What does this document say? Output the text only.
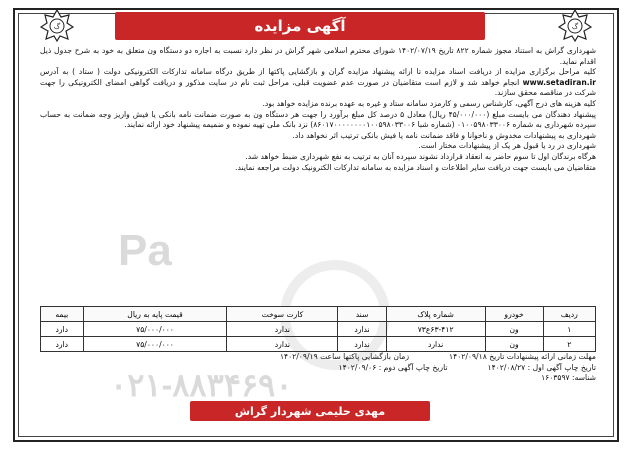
گ	گ
آگهی مزایده
Pa
۰۲۱-۸۸۳۴۶۹۰

شهرداری گراش به استناد مجوز شماره ۸۲۲ تاریخ ۱۴۰۲/۰۷/۱۹ شورای محترم اسلامی شهر گراش در نظر دارد نسبت به اجاره دو دستگاه ون متعلق به خود به شرح جدول ذیل اقدام نماید.

کلیه مراحل برگزاری مزایده از دریافت اسناد مزایده تا ارائه پیشنهاد مزایده گران و بازگشایی پاکتها از طریق درگاه سامانه تدارکات الکترونیکی دولت ( ستاد ) به آدرس www.setadiran.ir انجام خواهد شد و لازم است متقاضیان در صورت عدم عضویت قبلی، مراحل ثبت نام در سایت مذکور و دریافت گواهی امضای الکترونیکی را جهت شرکت در مناقصه محقق سازند.

کلیه هزینه های درج آگهی، کارشناس رسمی و کارمزد سامانه ستاد و غیره به عهده برنده مزایده خواهد بود.

پیشنهاد دهندگان می بایست مبلغ (۴۵/۰۰۰/۰۰۰ ریال) معادل ۵ درصد کل مبلغ برآورد را جهت هر دستگاه ون به صورت ضمانت نامه بانکی یا فیش واریز وجه ضمانت به حساب سپرده شهرداری به شماره ۰۱۰۰۵۹۸۰۳۳۰۰۶ (شماره شبا ۸۶۰۱۷۰۰۰۰۰۰۰۰۱۰۰۵۹۸۰۳۳۰۰۶) نزد بانک ملی تهیه نموده و ضمیمه پیشنهاد خود ارائه نمایند.

شهرداری به پیشنهادات مخدوش و ناخوانا و فاقد ضمانت نامه یا فیش بانکی ترتیب اثر نخواهد داد.

شهرداری در رد یا قبول هر یک از پیشنهادات مختار است.

هرگاه برندگان اول تا سوم حاضر به انعقاد قرارداد نشوند سپرده آنان به ترتیب به نفع شهرداری ضبط خواهد شد.

متقاضیان می بایست جهت دریافت سایر اطلاعات و اسناد مزایده به سامانه تدارکات الکترونیک دولت مراجعه نمایند.

ردیف	خودرو	شماره پلاک	سند	کارت سوخت	قیمت پایه به ریال	بیمه
۱	ون	۶۳-۴۱۲ع۷۳	ندارد	ندارد	۷۵/۰۰۰/۰۰۰	دارد
۲	ون	ندارد	ندارد	ندارد	۷۵/۰۰۰/۰۰۰	دارد
مهلت زمانی ارائه پیشنهادات تاریخ ۱۴۰۲/۰۹/۱۸
زمان بازگشایی پاکتها ساعت ۱۴۰۲/۰۹/۱۹
تاریخ چاپ آگهی اول : ۱۴۰۲/۰۸/۲۷
تاریخ چاپ آگهی دوم : ۱۴۰۲/۰۹/۰۶
شناسه: ۱۶۰۳۵۹۷
مهدی حلیمی شهردار گراش
